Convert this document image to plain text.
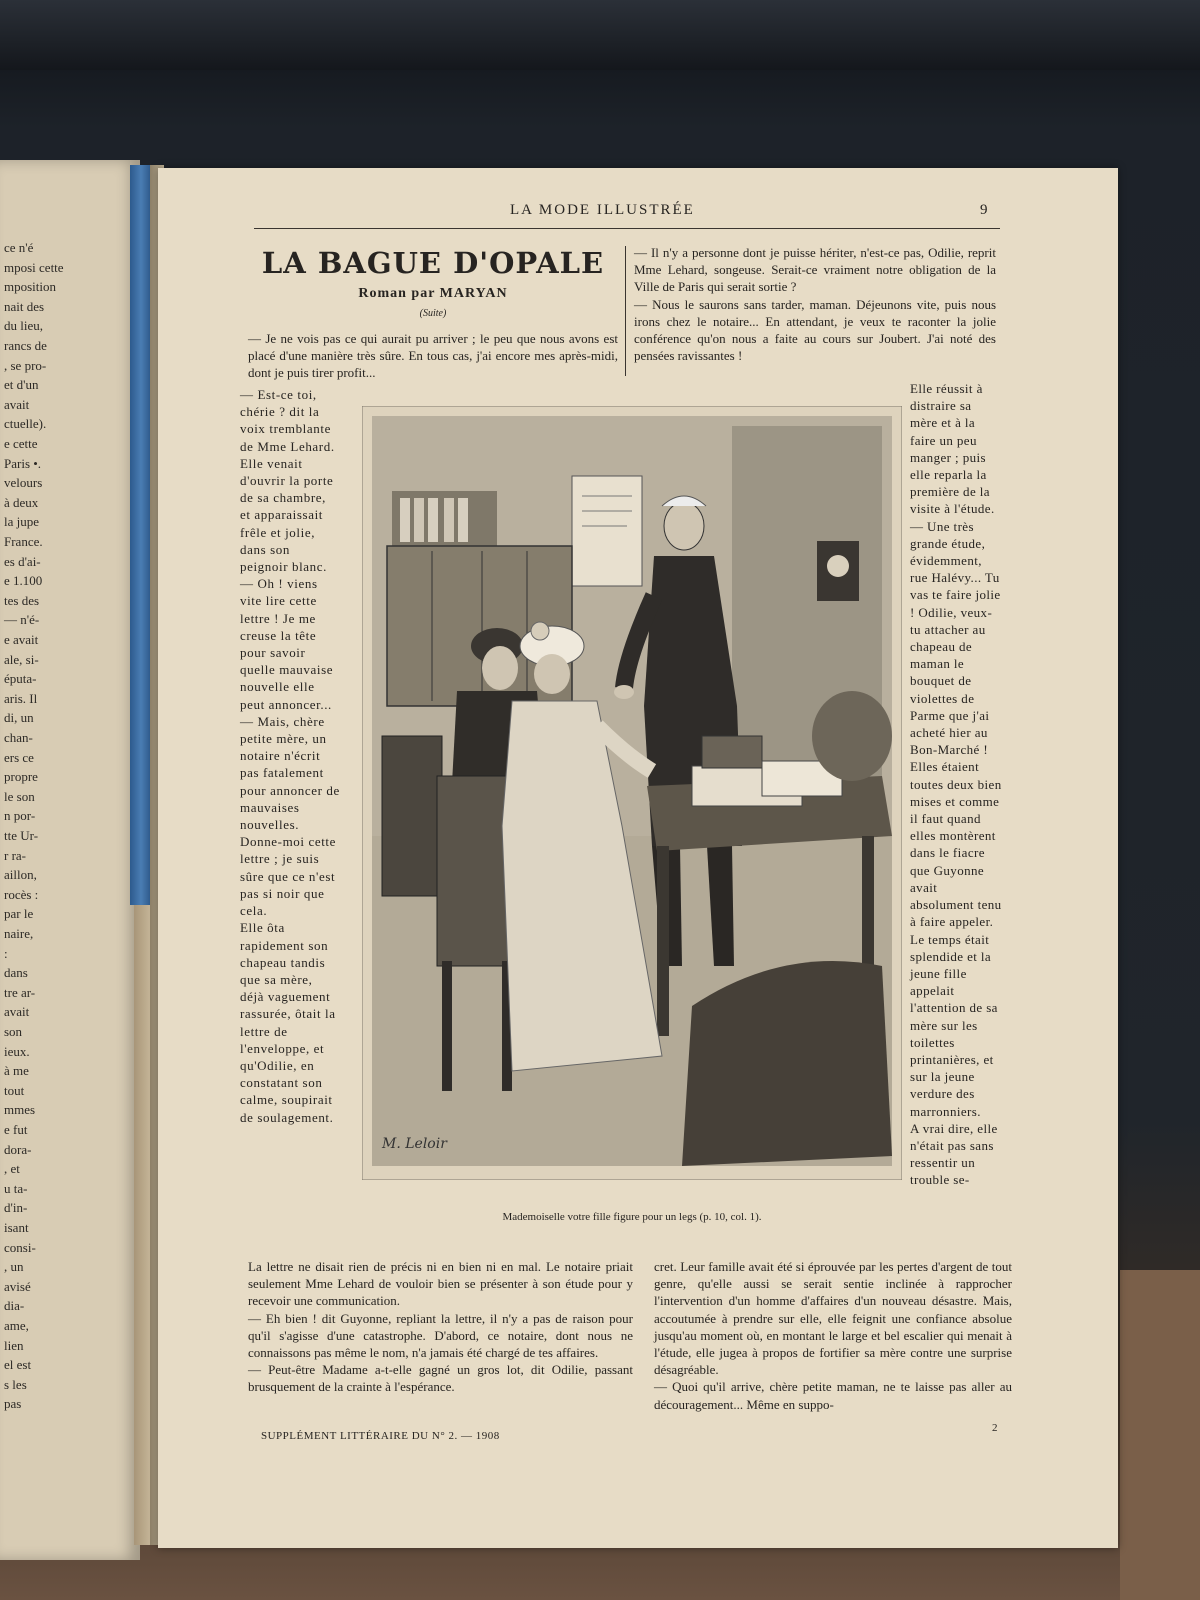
ce n'é
mposi cette
mposition
nait des
du lieu,
rancs de
, se pro-
et d'un
avait
ctuelle).
e cette
Paris •.
velours
à deux
la jupe
France.
es d'ai-
e 1.100
tes des
— n'é-
e avait
ale, si-
éputa-
aris. Il
di, un
chan-
ers ce
propre
le son
n por-
tte Ur-
r ra-
aillon,
rocès :
par le
naire,
:
dans
tre ar-
avait
son
ieux.
à me
tout
mmes
e fut
dora-
, et
u ta-
d'in-
isant
consi-
, un
avisé
dia-
ame,
lien
el est
s les
pas
LA MODE ILLUSTRÉE	9
LA BAGUE D'OPALE
Roman par MARYAN
(Suite)

— Je ne vois pas ce qui aurait pu arriver ; le peu que nous avons est placé d'une manière très sûre. En tous cas, j'ai encore mes après-midi, dont je puis tirer profit...

— Il n'y a personne dont je puisse hériter, n'est-ce pas, Odilie, reprit Mme Lehard, songeuse. Serait-ce vraiment notre obligation de la Ville de Paris qui serait sortie ?

— Nous le saurons sans tarder, maman. Déjeunons vite, puis nous irons chez le notaire... En attendant, je veux te raconter la jolie conférence qu'on nous a faite au cours sur Joubert. J'ai noté des pensées ravissantes !

— Est-ce toi, chérie ? dit la voix tremblante de Mme Lehard.

Elle venait d'ouvrir la porte de sa chambre, et apparaissait frêle et jolie, dans son peignoir blanc.

— Oh ! viens vite lire cette lettre ! Je me creuse la tête pour savoir quelle mauvaise nouvelle elle peut annoncer...

— Mais, chère petite mère, un notaire n'écrit pas fatalement pour annoncer de mauvaises nouvelles. Donne-moi cette lettre ; je suis sûre que ce n'est pas si noir que cela.

Elle ôta rapidement son chapeau tandis que sa mère, déjà vaguement rassurée, ôtait la lettre de l'enveloppe, et qu'Odilie, en constatant son calme, soupirait de soulagement.

Elle réussit à distraire sa mère et à la faire un peu manger ; puis elle reparla la première de la visite à l'étude.

— Une très grande étude, évidemment, rue Halévy... Tu vas te faire jolie ! Odilie, veux-tu attacher au chapeau de maman le bouquet de violettes de Parme que j'ai acheté hier au Bon-Marché !

Elles étaient toutes deux bien mises et comme il faut quand elles montèrent dans le fiacre que Guyonne avait absolument tenu à faire appeler. Le temps était splendide et la jeune fille appelait l'attention de sa mère sur les toilettes printanières, et sur la jeune verdure des marronniers.

A vrai dire, elle n'était pas sans ressentir un trouble se-

M. Leloir
Mademoiselle votre fille figure pour un legs (p. 10, col. 1).

La lettre ne disait rien de précis ni en bien ni en mal. Le notaire priait seulement Mme Lehard de vouloir bien se présenter à son étude pour y recevoir une communication.

— Eh bien ! dit Guyonne, repliant la lettre, il n'y a pas de raison pour qu'il s'agisse d'une catastrophe. D'abord, ce notaire, dont nous ne connaissons pas même le nom, n'a jamais été chargé de tes affaires.

— Peut-être Madame a-t-elle gagné un gros lot, dit Odilie, passant brusquement de la crainte à l'espérance.

cret. Leur famille avait été si éprouvée par les pertes d'argent de tout genre, qu'elle aussi se serait sentie inclinée à rapprocher l'intervention d'un homme d'affaires d'un nouveau désastre. Mais, accoutumée à prendre sur elle, elle feignit une confiance absolue jusqu'au moment où, en montant le large et bel escalier qui menait à l'étude, elle jugea à propos de fortifier sa mère contre une surprise désagréable.

— Quoi qu'il arrive, chère petite maman, ne te laisse pas aller au découragement... Même en suppo-

SUPPLÉMENT LITTÉRAIRE DU N° 2. — 1908
2
